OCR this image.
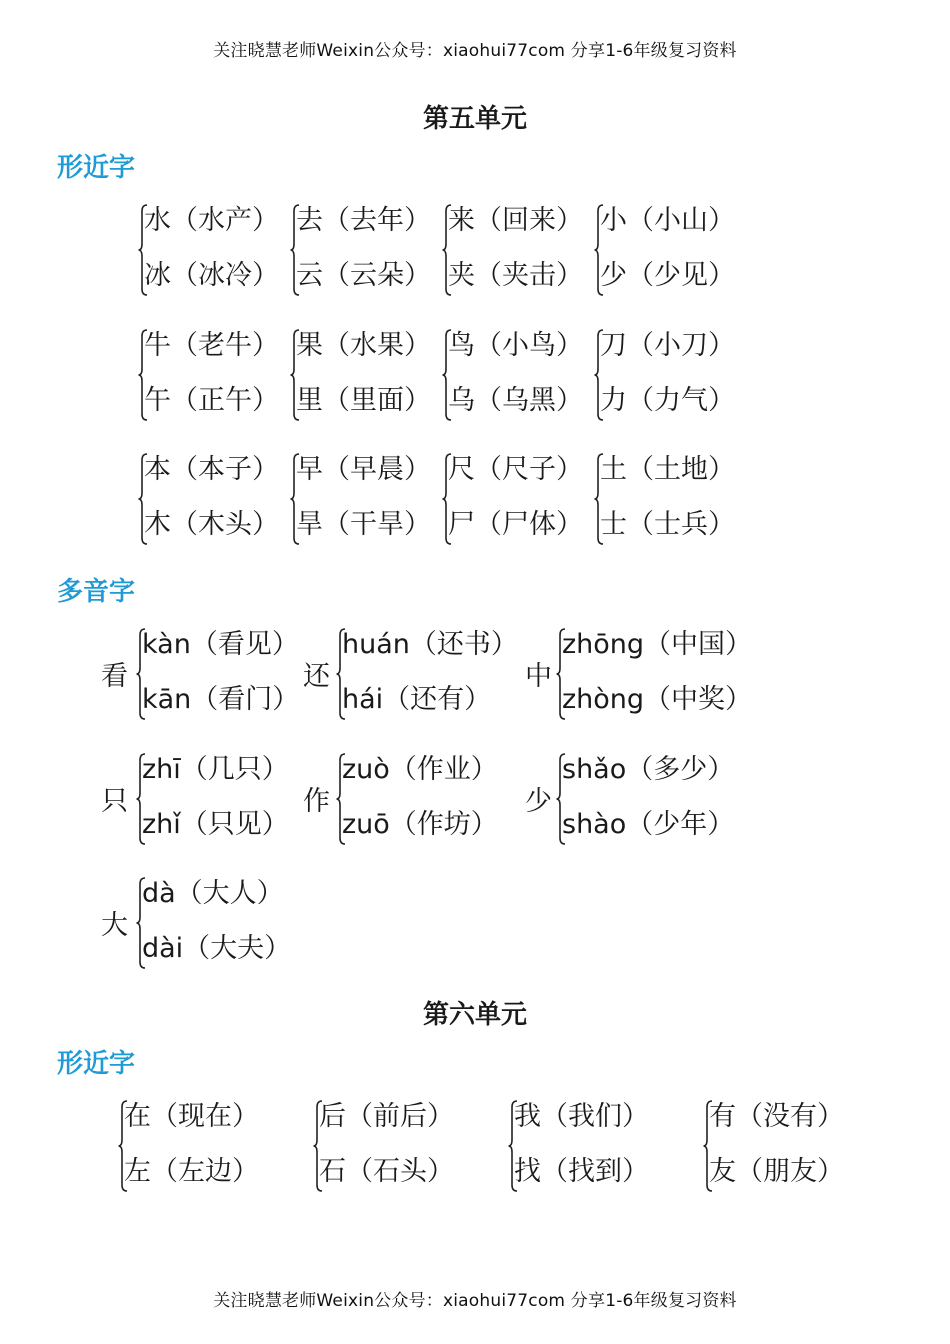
关注晓慧老师Weixin公众号：xiaohui77com 分享1-6年级复习资料
第五单元
形近字
水（水产）
冰（冰冷）
去（去年）
云（云朵）
来（回来）
夹（夹击）
小（小山）
少（少见）
牛（老牛）
午（正午）
果（水果）
里（里面）
鸟（小鸟）
乌（乌黑）
刀（小刀）
力（力气）
本（本子）
木（木头）
早（早晨）
旱（干旱）
尺（尺子）
尸（尸体）
土（土地）
士（士兵）
多音字
看
kàn（看见）
kān（看门）
还
huán（还书）
hái（还有）
中
zhōng（中国）
zhòng（中奖）
只
zhī（几只）
zhǐ（只见）
作
zuò（作业）
zuō（作坊）
少
shǎo（多少）
shào（少年）
大
dà（大人）
dài（大夫）
第六单元
形近字
在（现在）
左（左边）
后（前后）
石（石头）
我（我们）
找（找到）
有（没有）
友（朋友）
关注晓慧老师Weixin公众号：xiaohui77com 分享1-6年级复习资料
